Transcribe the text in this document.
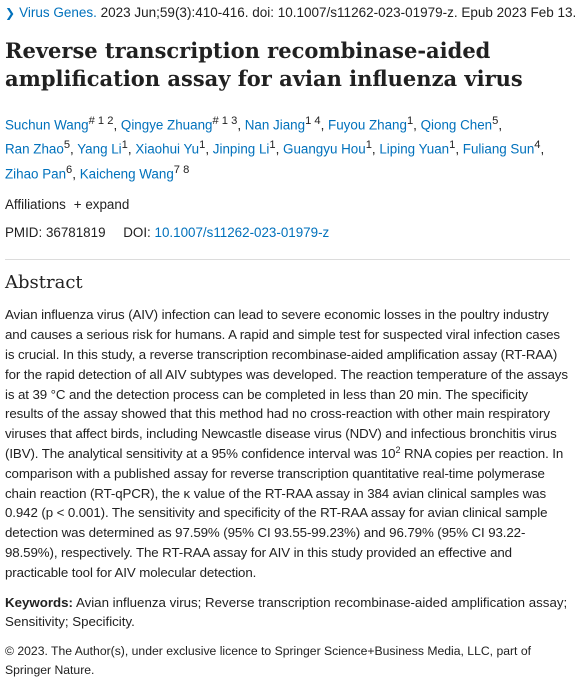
❯ Virus Genes. 2023 Jun;59(3):410-416. doi: 10.1007/s11262-023-01979-z. Epub 2023 Feb 13.
Reverse transcription recombinase-aided amplification assay for avian influenza virus
Suchun Wang$^{\# 1 2}$, Qingye Zhuang$^{\# 1 3}$, Nan Jiang$^{1 4}$, Fuyou Zhang$^1$, Qiong Chen$^5$, Ran Zhao$^5$, Yang Li$^1$, Xiaohui Yu$^1$, Jinping Li$^1$, Guangyu Hou$^1$, Liping Yuan$^1$, Fuliang Sun$^4$, Zihao Pan$^6$, Kaicheng Wang$^{7 8}$
Affiliations + expand
PMID: 36781819 DOI: 10.1007/s11262-023-01979-z
Abstract
Avian influenza virus (AIV) infection can lead to severe economic losses in the poultry industry and causes a serious risk for humans. A rapid and simple test for suspected viral infection cases is crucial. In this study, a reverse transcription recombinase-aided amplification assay (RT-RAA) for the rapid detection of all AIV subtypes was developed. The reaction temperature of the assays is at 39 °C and the detection process can be completed in less than 20 min. The specificity results of the assay showed that this method had no cross-reaction with other main respiratory viruses that affect birds, including Newcastle disease virus (NDV) and infectious bronchitis virus (IBV). The analytical sensitivity at a 95% confidence interval was $10^2$ RNA copies per reaction. In comparison with a published assay for reverse transcription quantitative real-time polymerase chain reaction (RT-qPCR), the κ value of the RT-RAA assay in 384 avian clinical samples was 0.942 (p < 0.001). The sensitivity and specificity of the RT-RAA assay for avian clinical sample detection was determined as 97.59% (95% CI 93.55-99.23%) and 96.79% (95% CI 93.22-98.59%), respectively. The RT-RAA assay for AIV in this study provided an effective and practicable tool for AIV molecular detection.
Keywords: Avian influenza virus; Reverse transcription recombinase-aided amplification assay; Sensitivity; Specificity.
© 2023. The Author(s), under exclusive licence to Springer Science+Business Media, LLC, part of Springer Nature.
